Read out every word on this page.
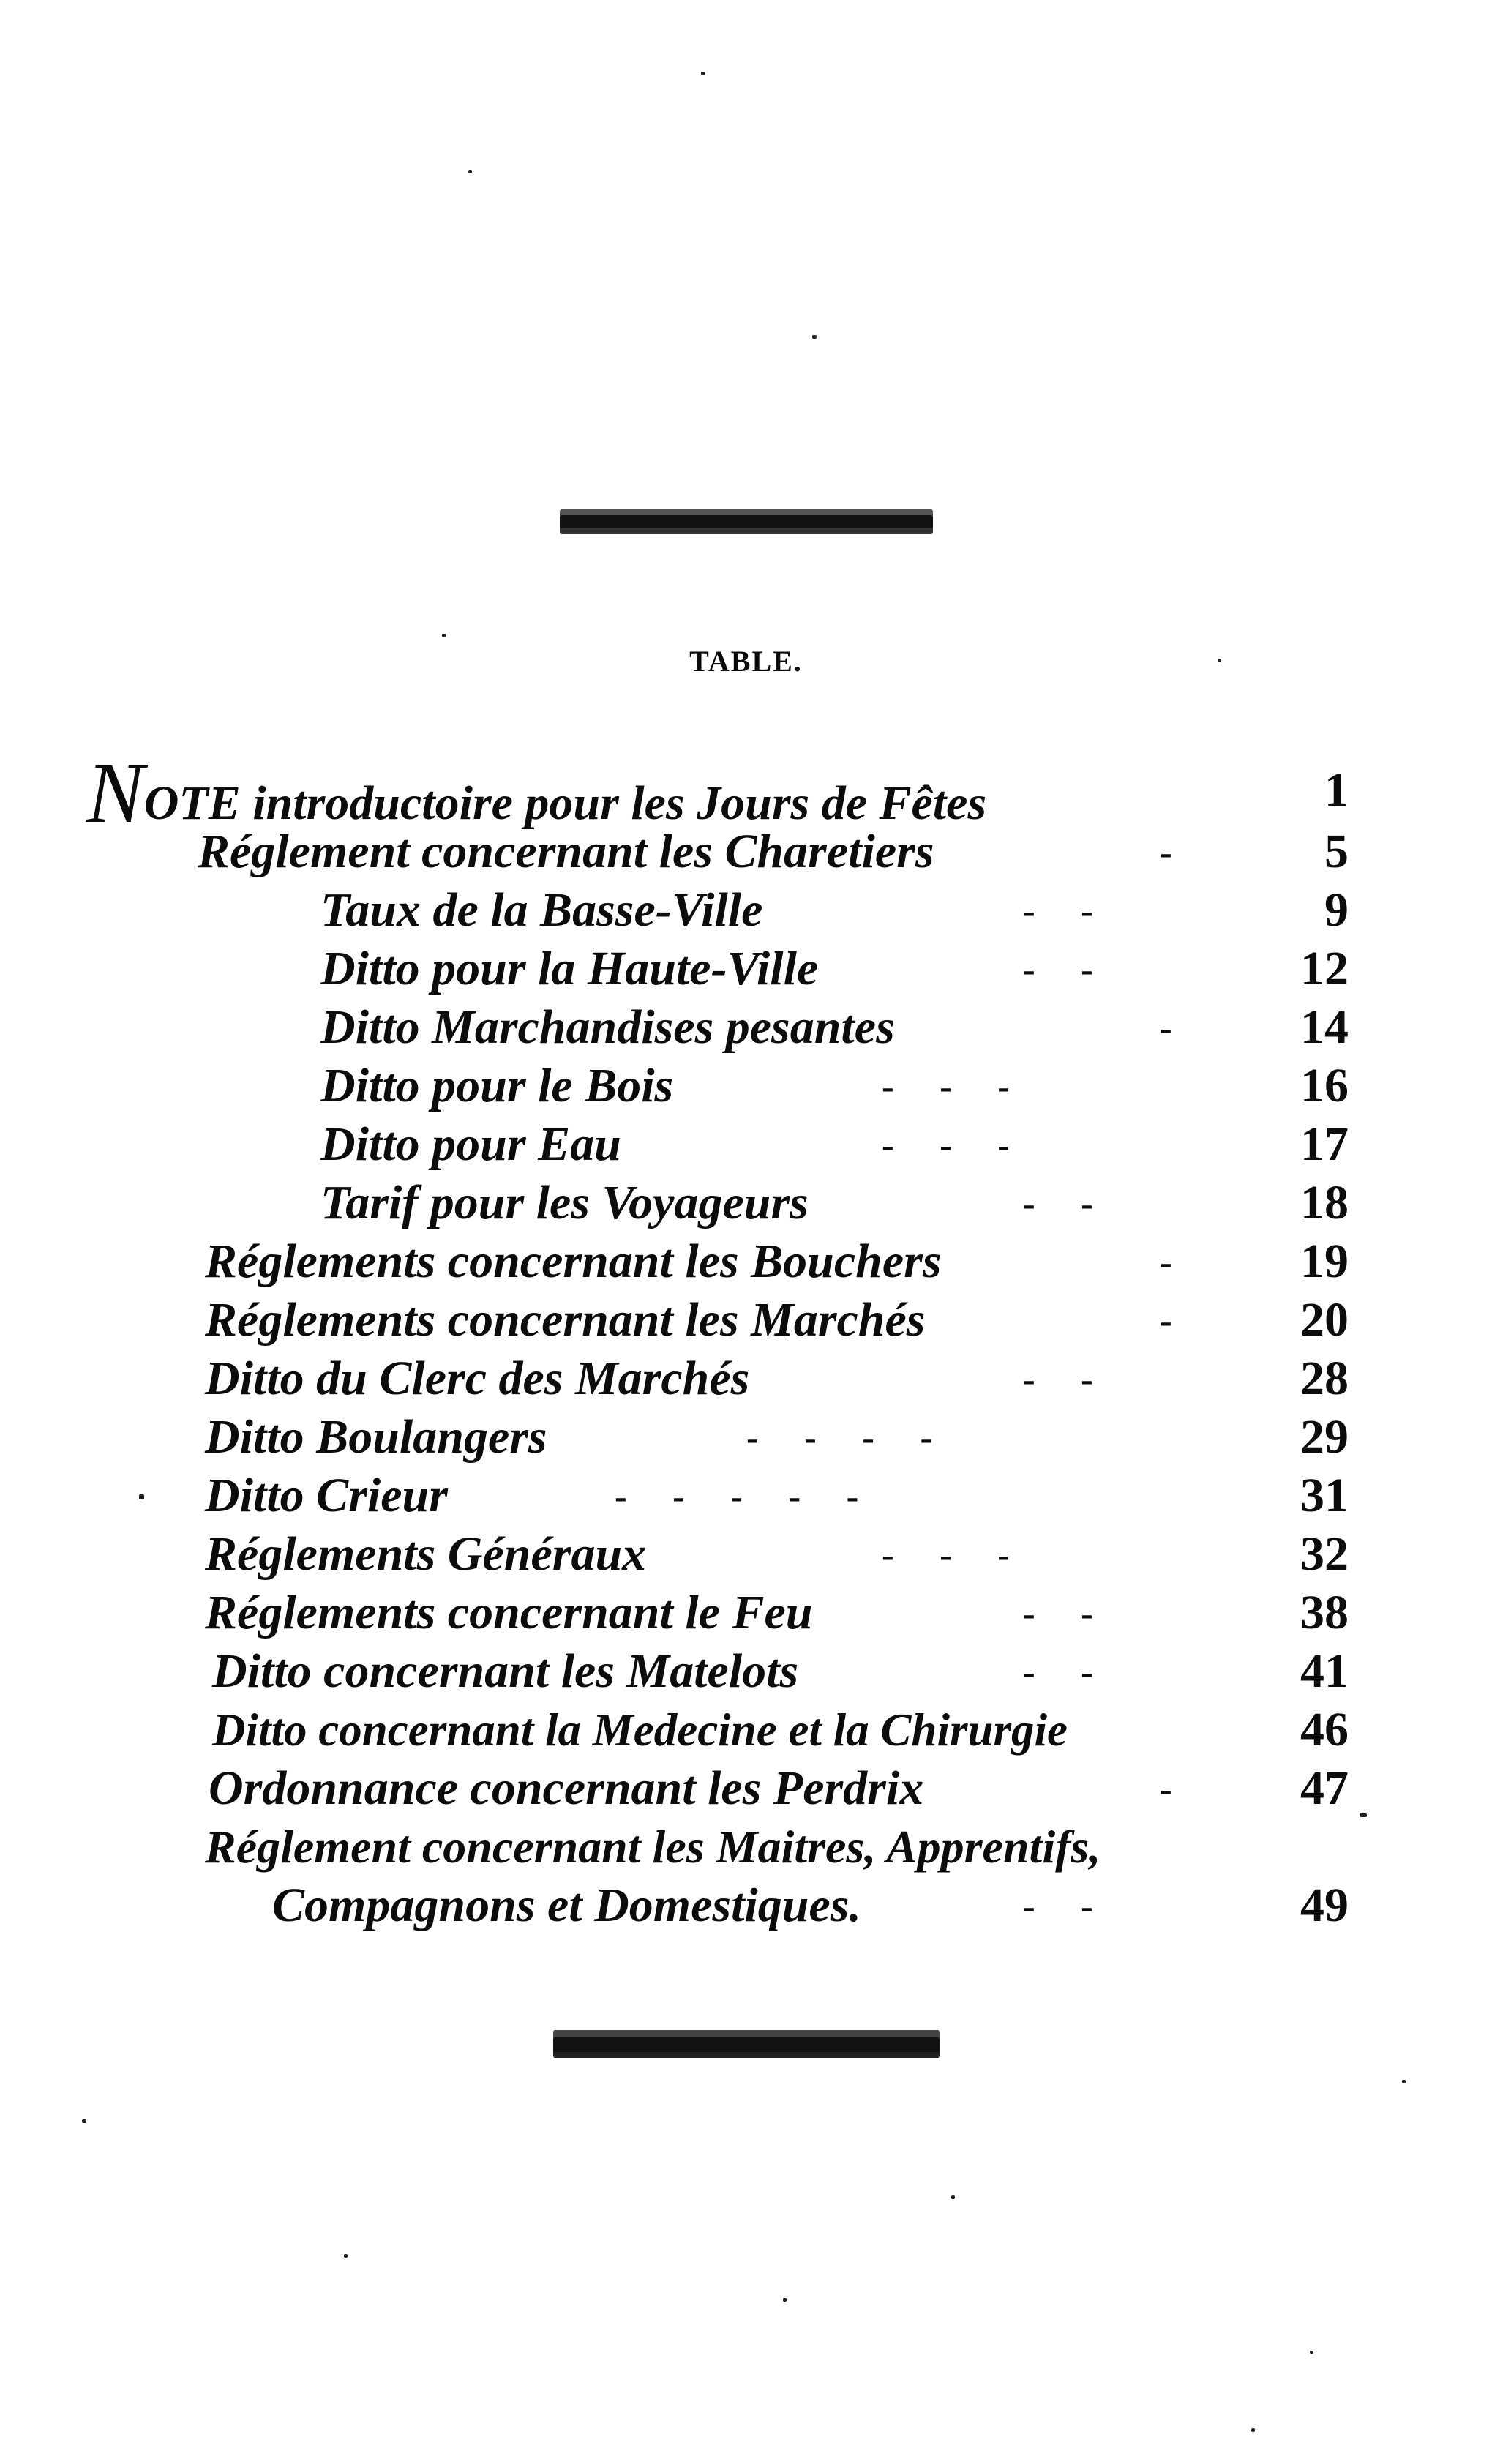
TABLE.
NOTE introductoire pour les Jours de Fêtes	1
Réglement concernant les Charetiers	-	5
Taux de la Basse-Ville	-     -	9
Ditto pour la Haute-Ville	-     -	12
Ditto Marchandises pesantes	-	14
Ditto pour le Bois	-     -     -	16
Ditto pour Eau	-     -     -	17
Tarif pour les Voyageurs	-     -	18
Réglements concernant les Bouchers	-	19
Réglements concernant les Marchés	-	20
Ditto du Clerc des Marchés	-     -	28
Ditto Boulangers	-     -     -     -	29
Ditto Crieur	-     -     -     -     -	31
Réglements Généraux	-     -     -	32
Réglements concernant le Feu	-     -	38
Ditto concernant les Matelots	-     -	41
Ditto concernant la Medecine et la Chirurgie	46
Ordonnance concernant les Perdrix	-	47
Réglement concernant les Maitres, Apprentifs,
Compagnons et Domestiques.	-     -	49
